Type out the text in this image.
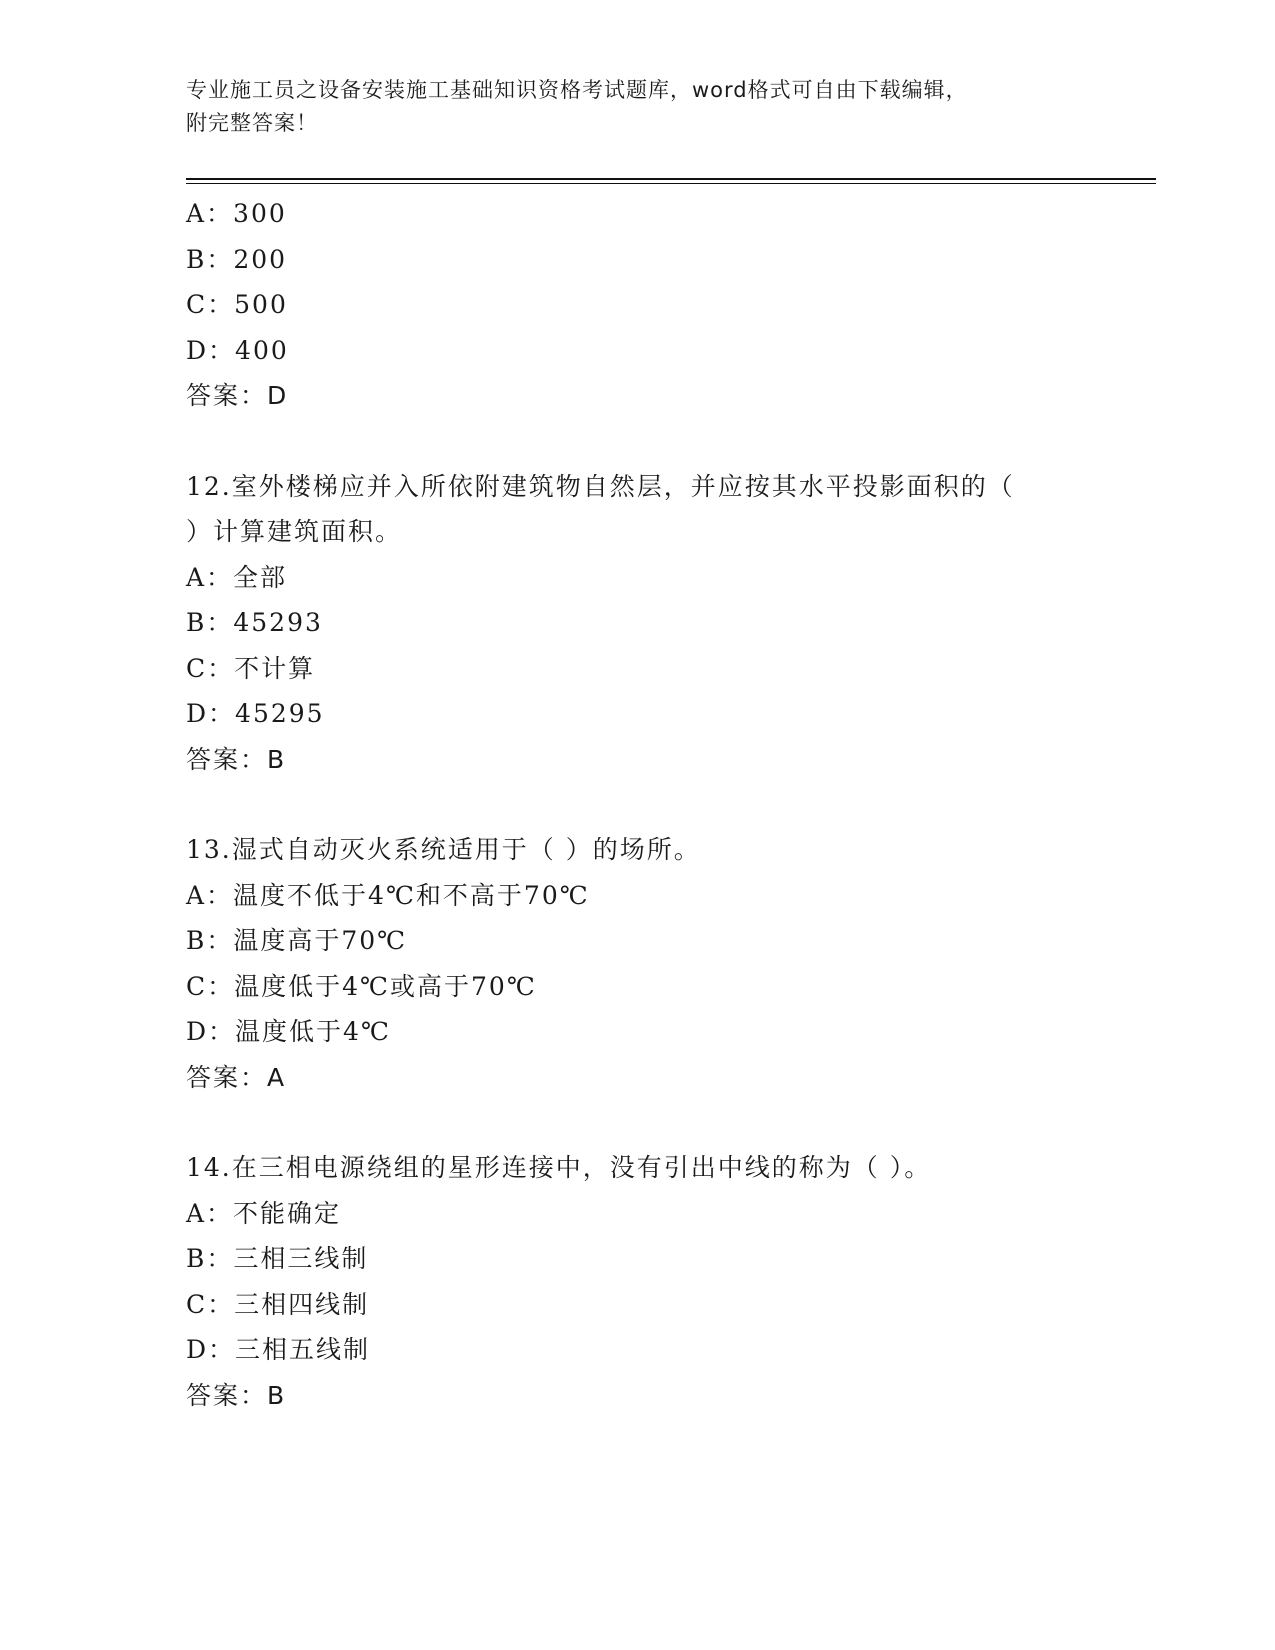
专业施工员之设备安装施工基础知识资格考试题库，word格式可自由下载编辑，
附完整答案！
A：300
B：200
C：500
D：400
答案：D
12.室外楼梯应并入所依附建筑物自然层，并应按其水平投影面积的（
）计算建筑面积。
A：全部
B：45293
C：不计算
D：45295
答案：B
13.湿式自动灭火系统适用于（ ）的场所。
A：温度不低于4℃和不高于70℃
B：温度高于70℃
C：温度低于4℃或高于70℃
D：温度低于4℃
答案：A
14.在三相电源绕组的星形连接中，没有引出中线的称为（ ）。
A：不能确定
B：三相三线制
C：三相四线制
D：三相五线制
答案：B
